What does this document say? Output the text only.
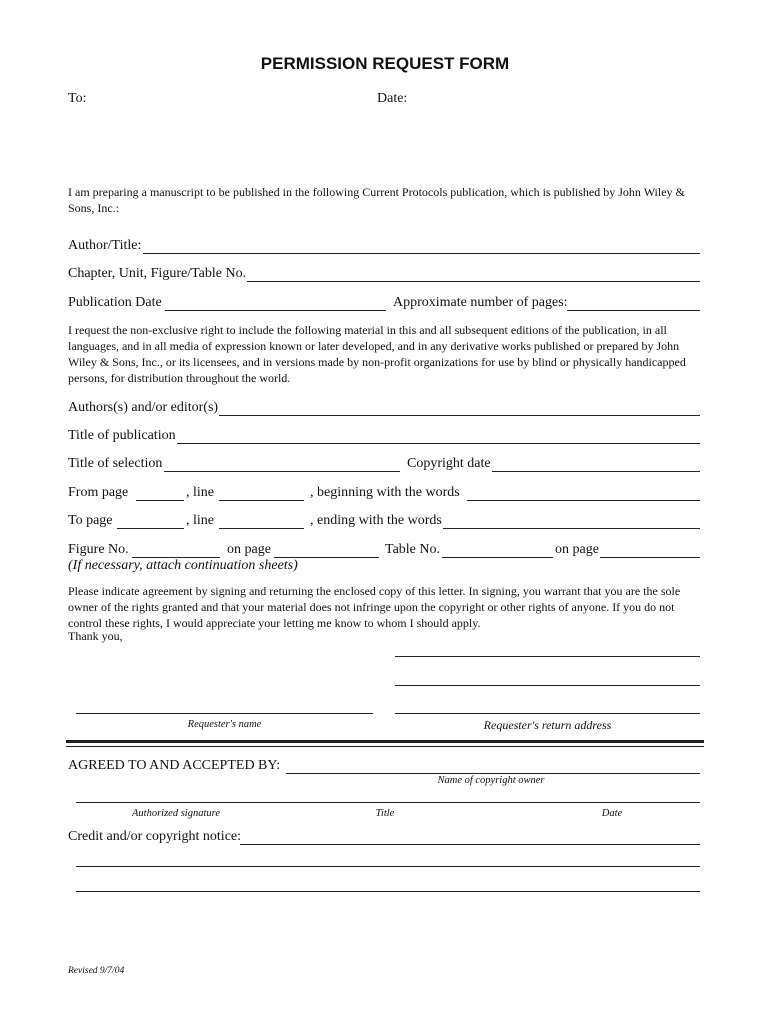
PERMISSION REQUEST FORM
To:	Date:
I am preparing a manuscript to be published in the following Current Protocols publication, which is published by John Wiley & Sons, Inc.:
Author/Title:
Chapter, Unit, Figure/Table No.
Publication Date	Approximate number of pages:
I request the non-exclusive right to include the following material in this and all subsequent editions of the publication, in all languages, and in all media of expression known or later developed, and in any derivative works published or prepared by John Wiley & Sons, Inc., or its licensees, and in versions made by non-profit organizations for use by blind or physically handicapped persons, for distribution throughout the world.
Authors(s) and/or editor(s)
Title of publication
Title of selection	Copyright date
From page	, line	, beginning with the words
To page	, line	, ending with the words
Figure No.	on page	Table No.	on page
(If necessary, attach continuation sheets)
Please indicate agreement by signing and returning the enclosed copy of this letter. In signing, you warrant that you are the sole owner of the rights granted and that your material does not infringe upon the copyright or other rights of anyone. If you do not control these rights, I would appreciate your letting me know to whom I should apply.
Thank you,
Requester's name	Requester's return address
AGREED TO AND ACCEPTED BY:
Name of copyright owner
Authorized signature	Title	Date
Credit and/or copyright notice:
Revised 9/7/04
